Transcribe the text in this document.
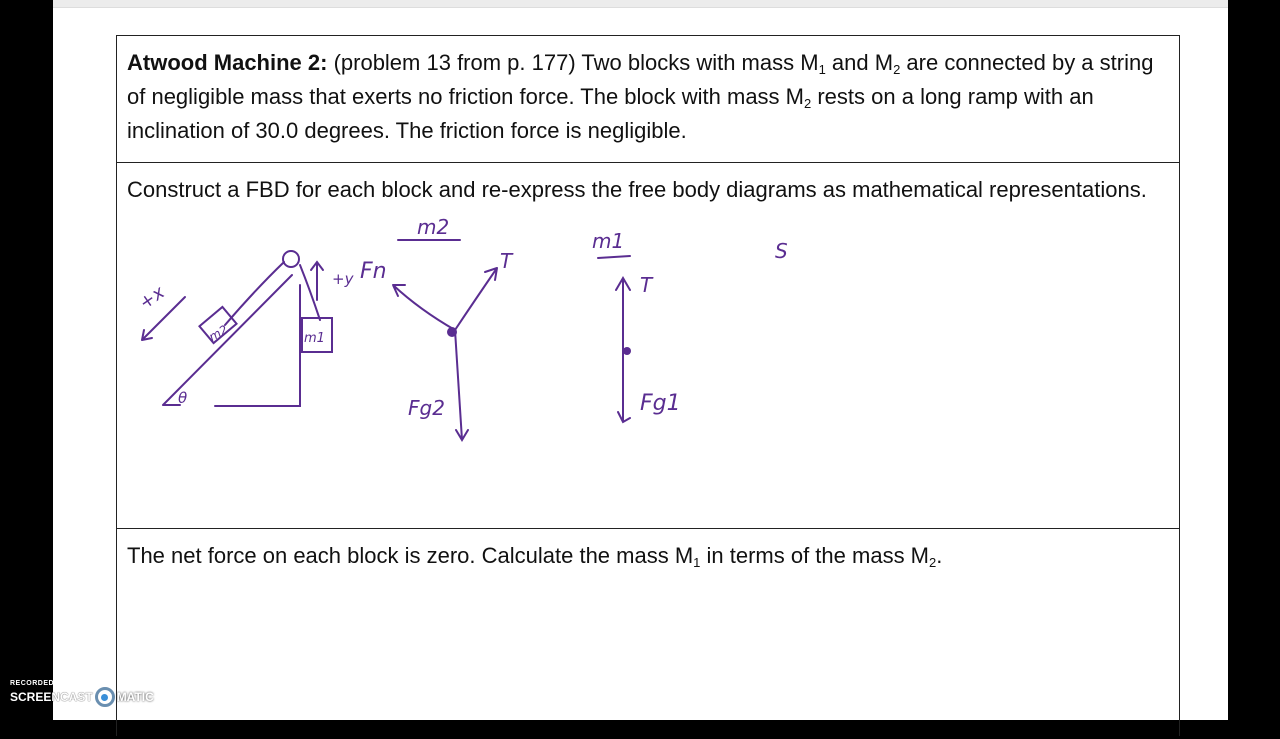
Atwood Machine 2: (problem 13 from p. 177) Two blocks with mass $M_1$ and $M_2$ are connected by a string of negligible mass that exerts no friction force. The block with mass $M_2$ rests on a long ramp with an inclination of 30.0 degrees. The friction force is negligible.
Construct a FBD for each block and re-express the free body diagrams as mathematical representations.
The net force on each block is zero. Calculate the mass $M_1$ in terms of the mass $M_2$.
+x
+y
m2	m1
θ
m2
m1
Fn	T
T
Fg2	Fg1
S
RECORDED WITH
SCREENCAST MATIC
